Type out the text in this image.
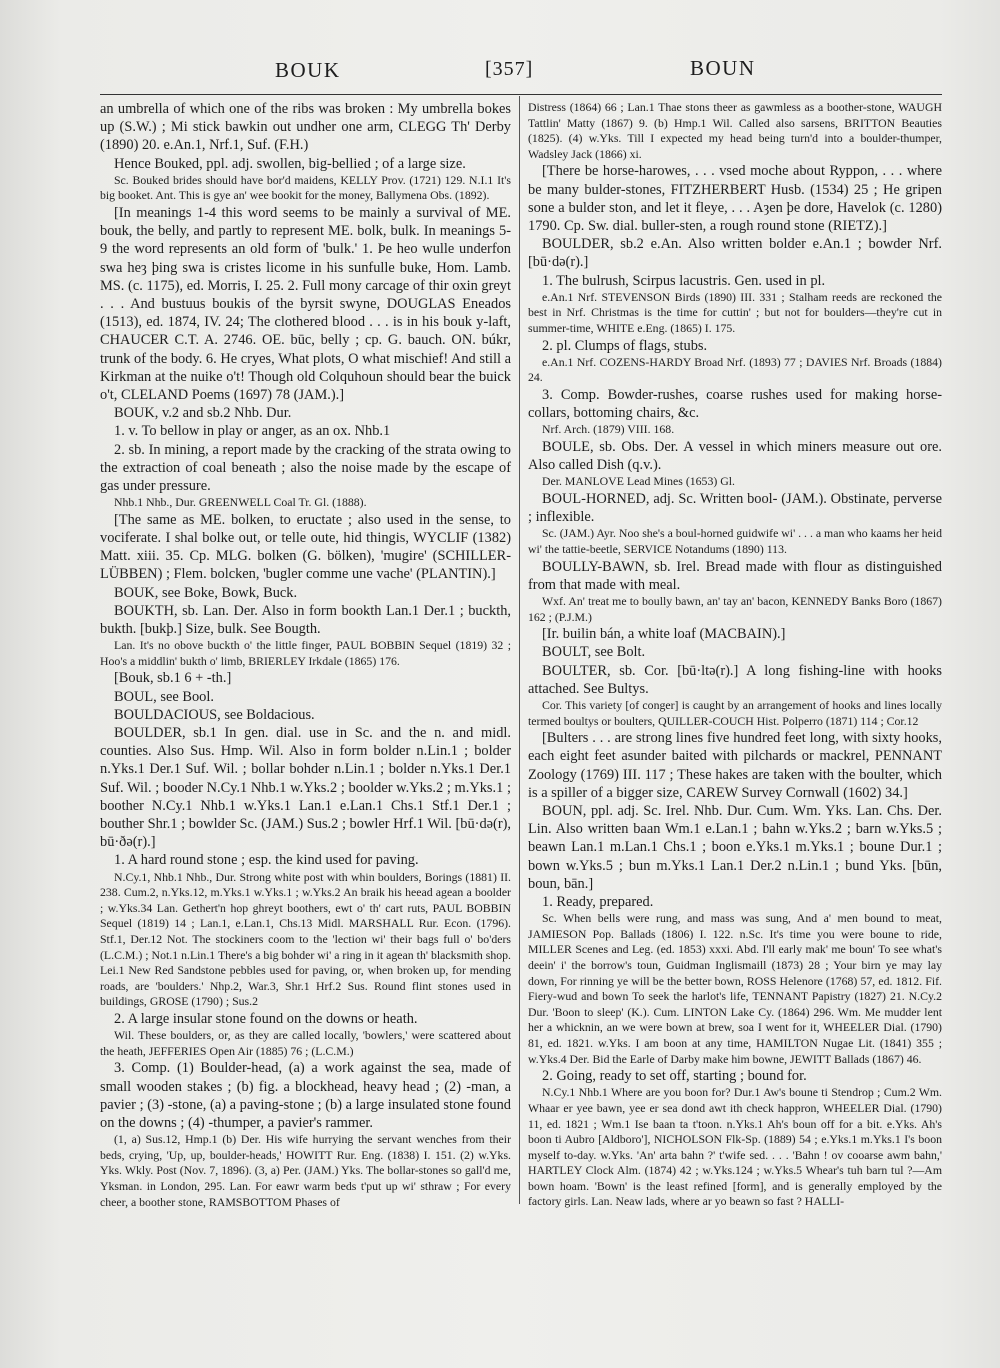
BOUK	[357]	BOUN

an umbrella of which one of the ribs was broken : My umbrella bokes up (S.W.) ; Mi stick bawkin out undher one arm, CLEGG Th' Derby (1890) 20. e.An.1, Nrf.1, Suf. (F.H.)

Hence Bouked, ppl. adj. swollen, big-bellied ; of a large size.

Sc. Bouked brides should have bor'd maidens, KELLY Prov. (1721) 129. N.I.1 It's big booket. Ant. This is gye an' wee bookit for the money, Ballymena Obs. (1892).

[In meanings 1-4 this word seems to be mainly a survival of ME. bouk, the belly, and partly to represent ME. bolk, bulk. In meanings 5-9 the word represents an old form of 'bulk.' 1. Þe heo wulle underfon swa heȝ þing swa is cristes licome in his sunfulle buke, Hom. Lamb. MS. (c. 1175), ed. Morris, I. 25. 2. Full mony carcage of thir oxin greyt . . . And bustuus boukis of the byrsit swyne, DOUGLAS Eneados (1513), ed. 1874, IV. 24; The clothered blood . . . is in his bouk y-laft, CHAUCER C.T. A. 2746. OE. būc, belly ; cp. G. bauch. ON. búkr, trunk of the body. 6. He cryes, What plots, O what mischief! And still a Kirkman at the nuike o't! Though old Colquhoun should bear the buick o't, CLELAND Poems (1697) 78 (JAM.).]

BOUK, v.2 and sb.2 Nhb. Dur.

1. v. To bellow in play or anger, as an ox. Nhb.1

2. sb. In mining, a report made by the cracking of the strata owing to the extraction of coal beneath ; also the noise made by the escape of gas under pressure.

Nhb.1 Nhb., Dur. GREENWELL Coal Tr. Gl. (1888).

[The same as ME. bolken, to eructate ; also used in the sense, to vociferate. I shal bolke out, or telle oute, hid thingis, WYCLIF (1382) Matt. xiii. 35. Cp. MLG. bolken (G. bölken), 'mugire' (SCHILLER-LÜBBEN) ; Flem. bolcken, 'bugler comme une vache' (PLANTIN).]

BOUK, see Boke, Bowk, Buck.

BOUKTH, sb. Lan. Der. Also in form bookth Lan.1 Der.1 ; buckth, bukth. [bukþ.] Size, bulk. See Bougth.

Lan. It's no obove buckth o' the little finger, PAUL BOBBIN Sequel (1819) 32 ; Hoo's a middlin' bukth o' limb, BRIERLEY Irkdale (1865) 176.

[Bouk, sb.1 6 + -th.]

BOUL, see Bool.

BOULDACIOUS, see Boldacious.

BOULDER, sb.1 In gen. dial. use in Sc. and the n. and midl. counties. Also Sus. Hmp. Wil. Also in form bolder n.Lin.1 ; bolder n.Yks.1 Der.1 Suf. Wil. ; bollar bohder n.Lin.1 ; bolder n.Yks.1 Der.1 Suf. Wil. ; booder N.Cy.1 Nhb.1 w.Yks.2 ; boolder w.Yks.2 ; m.Yks.1 ; boother N.Cy.1 Nhb.1 w.Yks.1 Lan.1 e.Lan.1 Chs.1 Stf.1 Der.1 ; bouther Shr.1 ; bowlder Sc. (JAM.) Sus.2 ; bowler Hrf.1 Wil. [bū·də(r), bū·ðə(r).]

1. A hard round stone ; esp. the kind used for paving.

N.Cy.1, Nhb.1 Nhb., Dur. Strong white post with whin boulders, Borings (1881) II. 238. Cum.2, n.Yks.12, m.Yks.1 w.Yks.1 ; w.Yks.2 An braik his heead agean a boolder ; w.Yks.34 Lan. Gethert'n hop ghreyt boothers, ewt o' th' cart ruts, PAUL BOBBIN Sequel (1819) 14 ; Lan.1, e.Lan.1, Chs.13 Midl. MARSHALL Rur. Econ. (1796). Stf.1, Der.12 Not. The stockiners coom to the 'lection wi' their bags full o' bo'ders (L.C.M.) ; Not.1 n.Lin.1 There's a big bohder wi' a ring in it agean th' blacksmith shop. Lei.1 New Red Sandstone pebbles used for paving, or, when broken up, for mending roads, are 'boulders.' Nhp.2, War.3, Shr.1 Hrf.2 Sus. Round flint stones used in buildings, GROSE (1790) ; Sus.2

2. A large insular stone found on the downs or heath.

Wil. These boulders, or, as they are called locally, 'bowlers,' were scattered about the heath, JEFFERIES Open Air (1885) 76 ; (L.C.M.)

3. Comp. (1) Boulder-head, (a) a work against the sea, made of small wooden stakes ; (b) fig. a blockhead, heavy head ; (2) -man, a pavier ; (3) -stone, (a) a paving-stone ; (b) a large insulated stone found on the downs ; (4) -thumper, a pavier's rammer.

(1, a) Sus.12, Hmp.1 (b) Der. His wife hurrying the servant wenches from their beds, crying, 'Up, up, boulder-heads,' HOWITT Rur. Eng. (1838) I. 151. (2) w.Yks. Yks. Wkly. Post (Nov. 7, 1896). (3, a) Per. (JAM.) Yks. The bollar-stones so gall'd me, Yksman. in London, 295. Lan. For eawr warm beds t'put up wi' sthraw ; For every cheer, a boother stone, RAMSBOTTOM Phases of

Distress (1864) 66 ; Lan.1 Thae stons theer as gawmless as a boother-stone, WAUGH Tattlin' Matty (1867) 9. (b) Hmp.1 Wil. Called also sarsens, BRITTON Beauties (1825). (4) w.Yks. Till I expected my head being turn'd into a boulder-thumper, Wadsley Jack (1866) xi.

[There be horse-harowes, . . . vsed moche about Ryppon, . . . where be many bulder-stones, FITZHERBERT Husb. (1534) 25 ; He gripen sone a bulder ston, and let it fleye, . . . Aȝen þe dore, Havelok (c. 1280) 1790. Cp. Sw. dial. buller-sten, a rough round stone (RIETZ).]

BOULDER, sb.2 e.An. Also written bolder e.An.1 ; bowder Nrf. [bū·də(r).]

1. The bulrush, Scirpus lacustris. Gen. used in pl.

e.An.1 Nrf. STEVENSON Birds (1890) III. 331 ; Stalham reeds are reckoned the best in Nrf. Christmas is the time for cuttin' ; but not for boulders—they're cut in summer-time, WHITE e.Eng. (1865) I. 175.

2. pl. Clumps of flags, stubs.

e.An.1 Nrf. COZENS-HARDY Broad Nrf. (1893) 77 ; DAVIES Nrf. Broads (1884) 24.

3. Comp. Bowder-rushes, coarse rushes used for making horse-collars, bottoming chairs, &c.

Nrf. Arch. (1879) VIII. 168.

BOULE, sb. Obs. Der. A vessel in which miners measure out ore. Also called Dish (q.v.).

Der. MANLOVE Lead Mines (1653) Gl.

BOUL-HORNED, adj. Sc. Written bool- (JAM.). Obstinate, perverse ; inflexible.

Sc. (JAM.) Ayr. Noo she's a boul-horned guidwife wi' . . . a man who kaams her heid wi' the tattie-beetle, SERVICE Notandums (1890) 113.

BOULLY-BAWN, sb. Irel. Bread made with flour as distinguished from that made with meal.

Wxf. An' treat me to boully bawn, an' tay an' bacon, KENNEDY Banks Boro (1867) 162 ; (P.J.M.)

[Ir. builin bán, a white loaf (MACBAIN).]

BOULT, see Bolt.

BOULTER, sb. Cor. [bū·ltə(r).] A long fishing-line with hooks attached. See Bultys.

Cor. This variety [of conger] is caught by an arrangement of hooks and lines locally termed boultys or boulters, QUILLER-COUCH Hist. Polperro (1871) 114 ; Cor.12

[Bulters . . . are strong lines five hundred feet long, with sixty hooks, each eight feet asunder baited with pilchards or mackrel, PENNANT Zoology (1769) III. 117 ; These hakes are taken with the boulter, which is a spiller of a bigger size, CAREW Survey Cornwall (1602) 34.]

BOUN, ppl. adj. Sc. Irel. Nhb. Dur. Cum. Wm. Yks. Lan. Chs. Der. Lin. Also written baan Wm.1 e.Lan.1 ; bahn w.Yks.2 ; barn w.Yks.5 ; beawn Lan.1 m.Lan.1 Chs.1 ; boon e.Yks.1 m.Yks.1 ; boune Dur.1 ; bown w.Yks.5 ; bun m.Yks.1 Lan.1 Der.2 n.Lin.1 ; bund Yks. [būn, boun, bān.]

1. Ready, prepared.

Sc. When bells were rung, and mass was sung, And a' men bound to meat, JAMIESON Pop. Ballads (1806) I. 122. n.Sc. It's time you were boune to ride, MILLER Scenes and Leg. (ed. 1853) xxxi. Abd. I'll early mak' me boun' To see what's deein' i' the borrow's toun, Guidman Inglismaill (1873) 28 ; Your birn ye may lay down, For rinning ye will be the better bown, ROSS Helenore (1768) 57, ed. 1812. Fif. Fiery-wud and bown To seek the harlot's life, TENNANT Papistry (1827) 21. N.Cy.2 Dur. 'Boon to sleep' (K.). Cum. LINTON Lake Cy. (1864) 296. Wm. Me mudder lent her a whicknin, an we were bown at brew, soa I went for it, WHEELER Dial. (1790) 81, ed. 1821. w.Yks. I am boon at any time, HAMILTON Nugae Lit. (1841) 355 ; w.Yks.4 Der. Bid the Earle of Darby make him bowne, JEWITT Ballads (1867) 46.

2. Going, ready to set off, starting ; bound for.

N.Cy.1 Nhb.1 Where are you boon for? Dur.1 Aw's boune ti Stendrop ; Cum.2 Wm. Whaar er yee bawn, yee er sea dond awt ith check happron, WHEELER Dial. (1790) 11, ed. 1821 ; Wm.1 Ise baan ta t'toon. n.Yks.1 Ah's boun off for a bit. e.Yks. Ah's boon ti Aubro [Aldboro'], NICHOLSON Flk-Sp. (1889) 54 ; e.Yks.1 m.Yks.1 I's boon myself to-day. w.Yks. 'An' arta bahn ?' t'wife sed. . . . 'Bahn ! ov cooarse awm bahn,' HARTLEY Clock Alm. (1874) 42 ; w.Yks.124 ; w.Yks.5 Whear's tuh barn tul ?—Am bown hoam. 'Bown' is the least refined [form], and is generally employed by the factory girls. Lan. Neaw lads, where ar yo beawn so fast ? HALLI-
